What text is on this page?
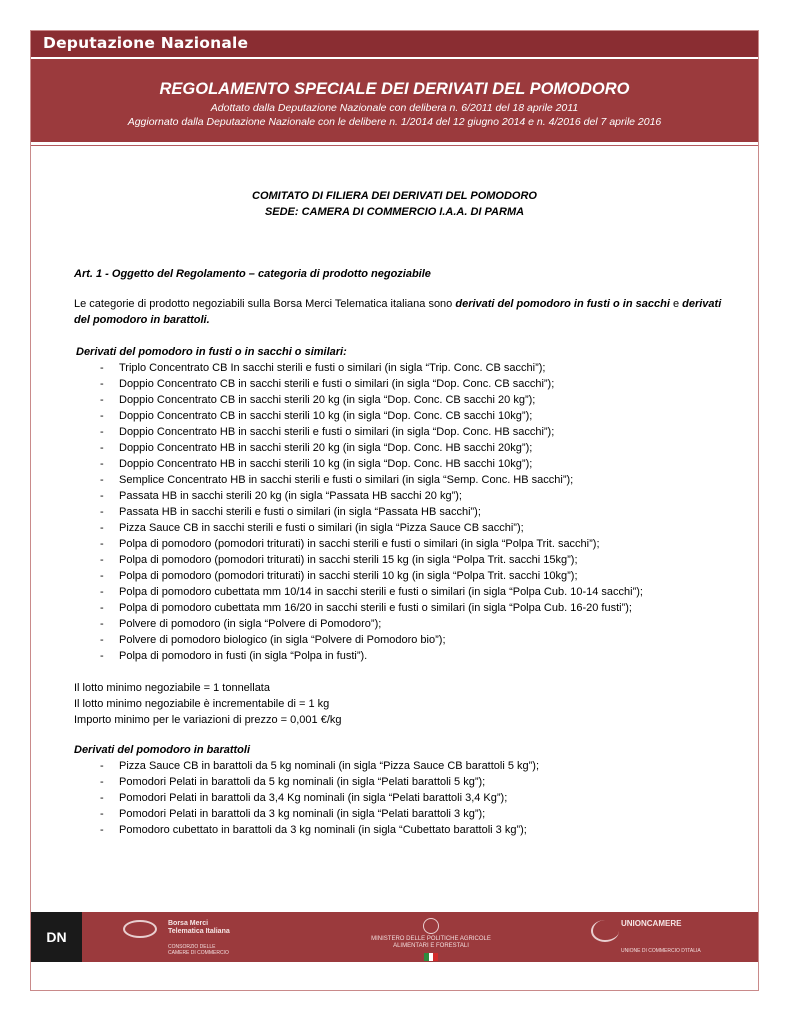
Deputazione Nazionale
REGOLAMENTO SPECIALE DEI DERIVATI DEL POMODORO
Adottato dalla Deputazione Nazionale con delibera n. 6/2011 del 18 aprile 2011
Aggiornato dalla Deputazione Nazionale con le delibere n. 1/2014 del 12 giugno 2014 e n. 4/2016 del 7 aprile 2016
COMITATO DI FILIERA DEI DERIVATI DEL POMODORO
SEDE: CAMERA DI COMMERCIO I.A.A. DI PARMA
Art. 1 - Oggetto del Regolamento – categoria di prodotto negoziabile
Le categorie di prodotto negoziabili sulla Borsa Merci Telematica italiana sono derivati del pomodoro in fusti o in sacchi e derivati del pomodoro in barattoli.
Derivati del pomodoro in fusti o in sacchi o similari:
- Triplo Concentrato CB In sacchi sterili e fusti o similari (in sigla “Trip. Conc. CB sacchi”);
- Doppio Concentrato CB in sacchi sterili e fusti o similari (in sigla “Dop. Conc. CB sacchi”);
- Doppio Concentrato CB in sacchi sterili 20 kg (in sigla “Dop. Conc. CB sacchi 20 kg”);
- Doppio Concentrato CB in sacchi sterili 10 kg (in sigla “Dop. Conc. CB sacchi 10kg”);
- Doppio Concentrato HB in sacchi sterili e fusti o similari (in sigla “Dop. Conc. HB sacchi”);
- Doppio Concentrato HB in sacchi sterili 20 kg (in sigla “Dop. Conc. HB sacchi 20kg”);
- Doppio Concentrato HB in sacchi sterili 10 kg (in sigla “Dop. Conc. HB sacchi 10kg”);
- Semplice Concentrato HB in sacchi sterili e fusti o similari (in sigla “Semp. Conc. HB sacchi”);
- Passata HB in sacchi sterili 20 kg (in sigla “Passata HB sacchi 20 kg”);
- Passata HB in sacchi sterili e fusti o similari (in sigla “Passata HB sacchi”);
- Pizza Sauce CB in sacchi sterili e fusti o similari (in sigla “Pizza Sauce CB sacchi”);
- Polpa di pomodoro (pomodori triturati) in sacchi sterili e fusti o similari (in sigla “Polpa Trit. sacchi”);
- Polpa di pomodoro (pomodori triturati) in sacchi sterili 15 kg (in sigla “Polpa Trit. sacchi 15kg”);
- Polpa di pomodoro (pomodori triturati) in sacchi sterili 10 kg (in sigla “Polpa Trit. sacchi 10kg”);
- Polpa di pomodoro cubettata mm 10/14 in sacchi sterili e fusti o similari (in sigla “Polpa Cub. 10-14 sacchi”);
- Polpa di pomodoro cubettata mm 16/20 in sacchi sterili e fusti o similari (in sigla “Polpa Cub. 16-20 fusti”);
- Polvere di pomodoro (in sigla “Polvere di Pomodoro”);
- Polvere di pomodoro biologico (in sigla “Polvere di Pomodoro bio”);
- Polpa di pomodoro in fusti (in sigla “Polpa in fusti”).
Il lotto minimo negoziabile = 1 tonnellata
Il lotto minimo negoziabile è incrementabile di = 1 kg
Importo minimo per le variazioni di prezzo = 0,001 €/kg
Derivati del pomodoro in barattoli
- Pizza Sauce CB in barattoli da 5 kg nominali (in sigla “Pizza Sauce CB barattoli 5 kg”);
- Pomodori Pelati in barattoli da 5 kg nominali (in sigla “Pelati barattoli 5 kg”);
- Pomodori Pelati in barattoli da 3,4 Kg nominali (in sigla “Pelati barattoli 3,4 Kg”);
- Pomodori Pelati in barattoli da 3 kg nominali (in sigla “Pelati barattoli 3 kg”);
- Pomodoro cubettato in barattoli da 3 kg nominali (in sigla “Cubettato barattoli 3 kg”);
DN
Borsa Merci
Telematica Italiana
CONSORZIO DELLE
CAMERE DI COMMERCIO
MINISTERO DELLE POLITICHE AGRICOLE
ALIMENTARI E FORESTALI
UNIONCAMERE
UNIONE DI COMMERCIO D'ITALIA
